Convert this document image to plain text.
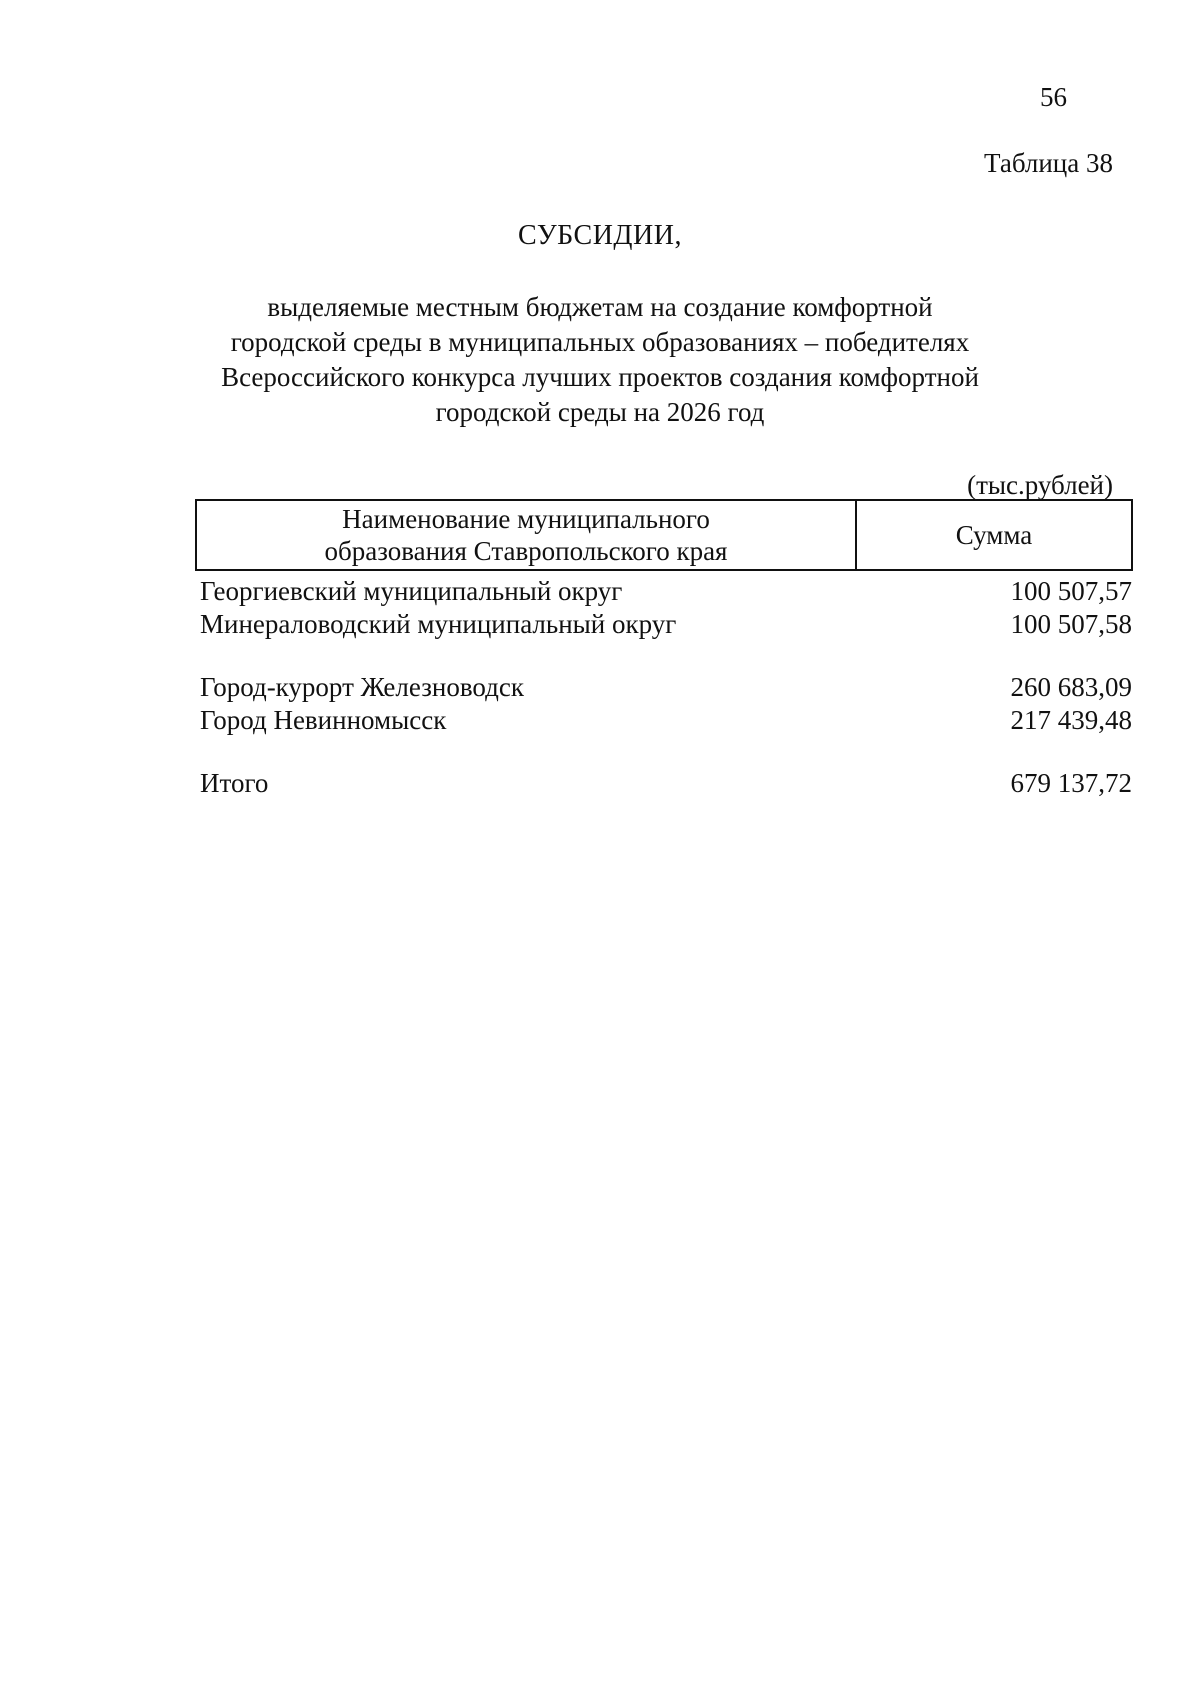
56
Таблица 38
СУБСИДИИ,

выделяемые местным бюджетам на создание комфортной
городской среды в муниципальных образованиях – победителях
Всероссийского конкурса лучших проектов создания комфортной
городской среды на 2026 год

(тыс.рублей)
Наименование муниципального
образования Ставропольского края	Сумма
Георгиевский муниципальный округ	100 507,57
Минераловодский муниципальный округ	100 507,58

Город-курорт Железноводск	260 683,09
Город Невинномысск	217 439,48

Итого	679 137,72
